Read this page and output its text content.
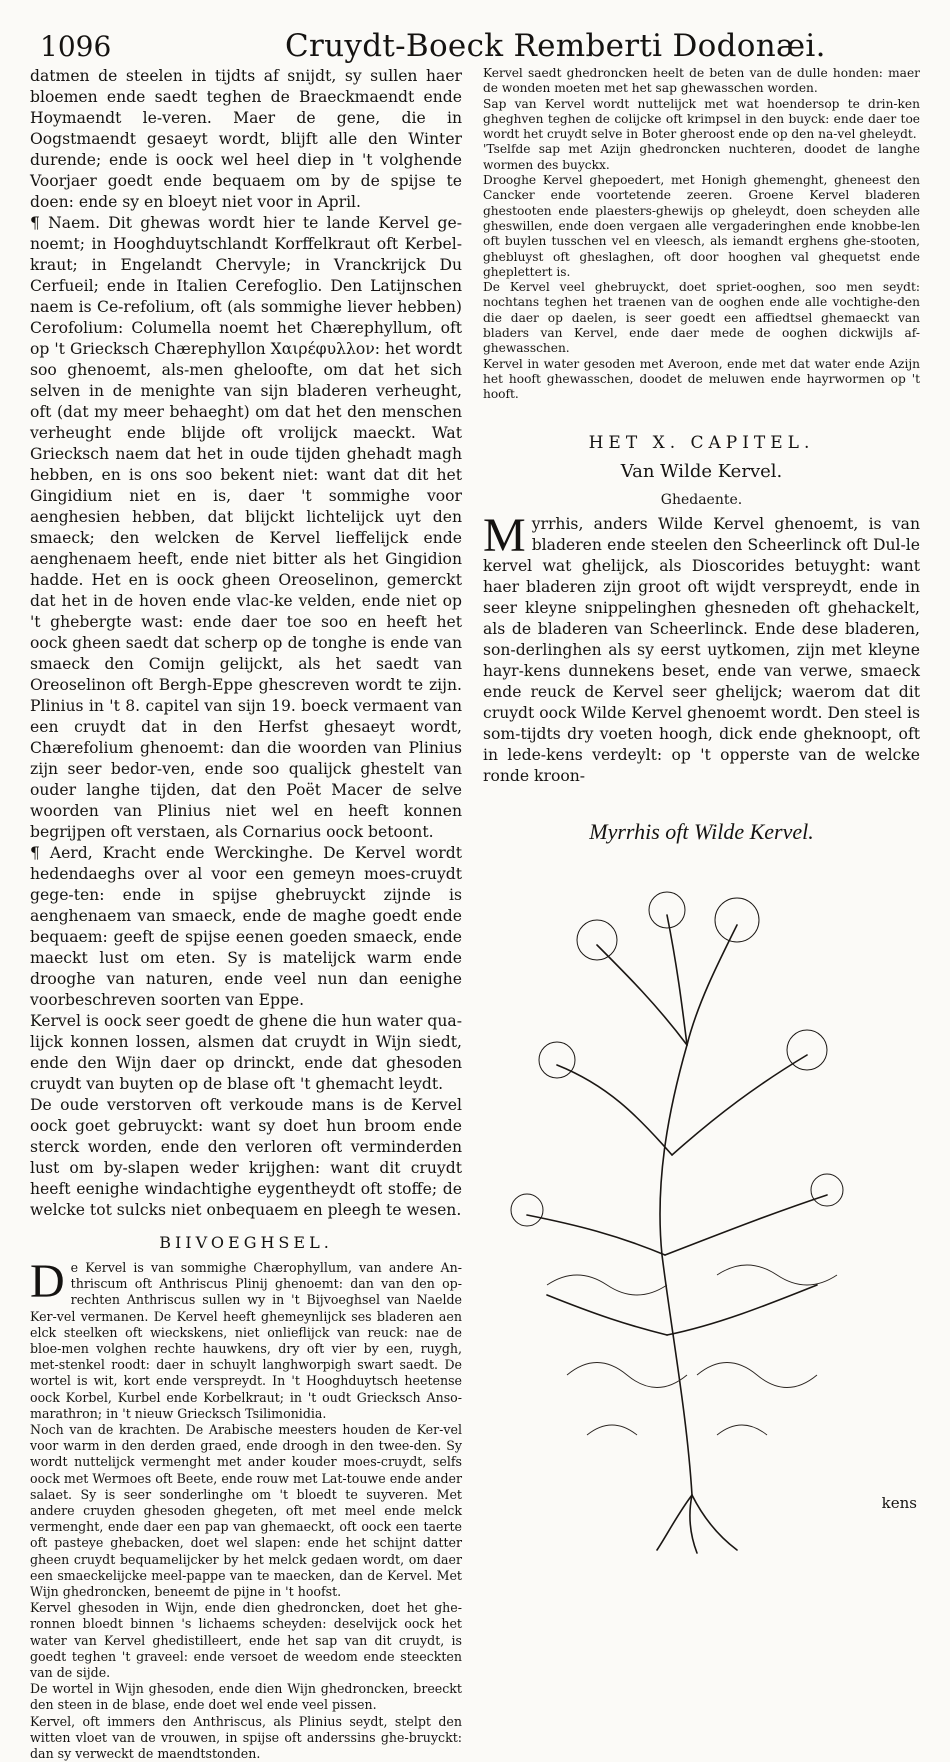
1096	Cruydt-Boeck Remberti Dodonæi.

datmen de steelen in tijdts af snijdt, sy sullen haer bloemen ende saedt teghen de Braeckmaendt ende Hoymaendt le-veren. Maer de gene, die in Oogstmaendt gesaeyt wordt, blijft alle den Winter durende; ende is oock wel heel diep in 't volghende Voorjaer goedt ende bequaem om by de spijse te doen: ende sy en bloeyt niet voor in April.

¶ Naem. Dit ghewas wordt hier te lande Kervel ge-noemt; in Hooghduytschlandt Korffelkraut oft Kerbel-kraut; in Engelandt Chervyle; in Vranckrijck Du Cerfueil; ende in Italien Cerefoglio. Den Latijnschen naem is Ce-refolium, oft (als sommighe liever hebben) Cerofolium: Columella noemt het Chærephyllum, oft op 't Griecksch Chærephyllon Χαιρέφυλλον: het wordt soo ghenoemt, als-men gheloofte, om dat het sich selven in de menighte van sijn bladeren verheught, oft (dat my meer behaeght) om dat het den menschen verheught ende blijde oft vrolijck maeckt. Wat Griecksch naem dat het in oude tijden ghehadt magh hebben, en is ons soo bekent niet: want dat dit het Gingidium niet en is, daer 't sommighe voor aenghesien hebben, dat blijckt lichtelijck uyt den smaeck; den welcken de Kervel lieffelijck ende aenghenaem heeft, ende niet bitter als het Gingidion hadde. Het en is oock gheen Oreoselinon, gemerckt dat het in de hoven ende vlac-ke velden, ende niet op 't ghebergte wast: ende daer toe soo en heeft het oock gheen saedt dat scherp op de tonghe is ende van smaeck den Comijn gelijckt, als het saedt van Oreoselinon oft Bergh-Eppe ghescreven wordt te zijn. Plinius in 't 8. capitel van sijn 19. boeck vermaent van een cruydt dat in den Herfst ghesaeyt wordt, Chærefolium ghenoemt: dan die woorden van Plinius zijn seer bedor-ven, ende soo qualijck ghestelt van ouder langhe tijden, dat den Poët Macer de selve woorden van Plinius niet wel en heeft konnen begrijpen oft verstaen, als Cornarius oock betoont.

¶ Aerd, Kracht ende Werckinghe. De Kervel wordt hedendaeghs over al voor een gemeyn moes-cruydt gege-ten: ende in spijse ghebruyckt zijnde is aenghenaem van smaeck, ende de maghe goedt ende bequaem: geeft de spijse eenen goeden smaeck, ende maeckt lust om eten. Sy is matelijck warm ende drooghe van naturen, ende veel nun dan eenighe voorbeschreven soorten van Eppe.

Kervel is oock seer goedt de ghene die hun water qua-lijck konnen lossen, alsmen dat cruydt in Wijn siedt, ende den Wijn daer op drinckt, ende dat ghesoden cruydt van buyten op de blase oft 't ghemacht leydt.

De oude verstorven oft verkoude mans is de Kervel oock goet gebruyckt: want sy doet hun broom ende sterck worden, ende den verloren oft verminderden lust om by-slapen weder krijghen: want dit cruydt heeft eenighe windachtighe eygentheydt oft stoffe; de welcke tot sulcks niet onbequaem en pleegh te wesen.

BIIVOEGHSEL.

De Kervel is van sommighe Chærophyllum, van andere An-thriscum oft Anthriscus Plinij ghenoemt: dan van den op-rechten Anthriscus sullen wy in 't Bijvoeghsel van Naelde Ker-vel vermanen. De Kervel heeft ghemeynlijck ses bladeren aen elck steelken oft wieckskens, niet onlieflijck van reuck: nae de bloe-men volghen rechte hauwkens, dry oft vier by een, ruygh, met-stenkel roodt: daer in schuylt langhworpigh swart saedt. De wortel is wit, kort ende verspreydt. In 't Hooghduytsch heetense oock Korbel, Kurbel ende Korbelkraut; in 't oudt Griecksch Anso-marathron; in 't nieuw Griecksch Tsilimonidia.

Noch van de krachten. De Arabische meesters houden de Ker-vel voor warm in den derden graed, ende droogh in den twee-den. Sy wordt nuttelijck vermenght met ander kouder moes-cruydt, selfs oock met Wermoes oft Beete, ende rouw met Lat-touwe ende ander salaet. Sy is seer sonderlinghe om 't bloedt te suyveren. Met andere cruyden ghesoden ghegeten, oft met meel ende melck vermenght, ende daer een pap van ghemaeckt, oft oock een taerte oft pasteye ghebacken, doet wel slapen: ende het schijnt datter gheen cruydt bequamelijcker by het melck gedaen wordt, om daer een smaeckelijcke meel-pappe van te maecken, dan de Kervel. Met Wijn ghedroncken, beneemt de pijne in 't hoofst.

Kervel ghesoden in Wijn, ende dien ghedroncken, doet het ghe-ronnen bloedt binnen 's lichaems scheyden: deselvijck oock het water van Kervel ghedistilleert, ende het sap van dit cruydt, is goedt teghen 't graveel: ende versoet de weedom ende steeckten van de sijde.

De wortel in Wijn ghesoden, ende dien Wijn ghedroncken, breeckt den steen in de blase, ende doet wel ende veel pissen.

Kervel, oft immers den Anthriscus, als Plinius seydt, stelpt den witten vloet van de vrouwen, in spijse oft anderssins ghe-bruyckt: dan sy verweckt de maendtstonden.

Kervel saedt ghedroncken heelt de beten van de dulle honden: maer de wonden moeten met het sap ghewasschen worden.

Sap van Kervel wordt nuttelijck met wat hoendersop te drin-ken gheghven teghen de colijcke oft krimpsel in den buyck: ende daer toe wordt het cruydt selve in Boter gheroost ende op den na-vel gheleydt.

'Tselfde sap met Azijn ghedroncken nuchteren, doodet de langhe wormen des buyckx.

Drooghe Kervel ghepoedert, met Honigh ghemenght, gheneest den Cancker ende voortetende zeeren. Groene Kervel bladeren ghestooten ende plaesters-ghewijs op gheleydt, doen scheyden alle gheswillen, ende doen vergaen alle vergaderinghen ende knobbe-len oft buylen tusschen vel en vleesch, als iemandt erghens ghe-stooten, ghebluyst oft gheslaghen, oft door hooghen val ghequetst ende gheplettert is.

De Kervel veel ghebruyckt, doet spriet-ooghen, soo men seydt: nochtans teghen het traenen van de ooghen ende alle vochtighe-den die daer op daelen, is seer goedt een affiedtsel ghemaeckt van bladers van Kervel, ende daer mede de ooghen dickwijls af-ghewasschen.

Kervel in water gesoden met Averoon, ende met dat water ende Azijn het hooft ghewasschen, doodet de meluwen ende hayrwormen op 't hooft.

HET X. CAPITEL.
Van Wilde Kervel.
Ghedaente.

Myrrhis, anders Wilde Kervel ghenoemt, is van bladeren ende steelen den Scheerlinck oft Dul-le kervel wat ghelijck, als Dioscorides betuyght: want haer bladeren zijn groot oft wijdt verspreydt, ende in seer kleyne snippelinghen ghesneden oft ghehackelt, als de bladeren van Scheerlinck. Ende dese bladeren, son-derlinghen als sy eerst uytkomen, zijn met kleyne hayr-kens dunnekens beset, ende van verwe, smaeck ende reuck de Kervel seer ghelijck; waerom dat dit cruydt oock Wilde Kervel ghenoemt wordt. Den steel is som-tijdts dry voeten hoogh, dick ende gheknoopt, oft in lede-kens verdeylt: op 't opperste van de welcke ronde kroon-

Myrrhis oft Wilde Kervel.
kens
